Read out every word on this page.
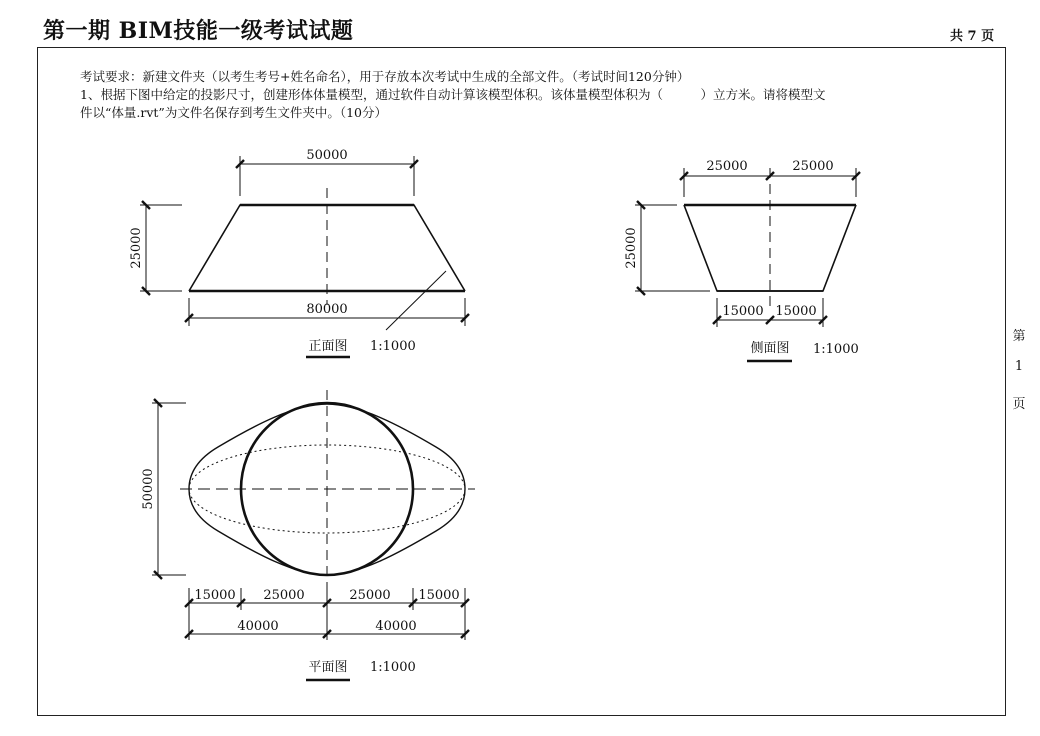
第一期 BIM技能一级考试试题	共 7 页

考试要求：新建文件夹（以考生考号+姓名命名），用于存放本次考试中生成的全部文件。（考试时间120分钟）

1、根据下图中给定的投影尺寸，创建形体体量模型，通过软件自动计算该模型体积。该体量模型体积为（　　　）立方米。请将模型文

件以“体量.rvt”为文件名保存到考生文件夹中。（10分）

第
1
页
50000
25000
80000
正面图 1:1000
25000	25000
25000
15000 15000
侧面图 1:1000
50000
15000 25000	25000 15000
40000	40000
平面图 1:1000
